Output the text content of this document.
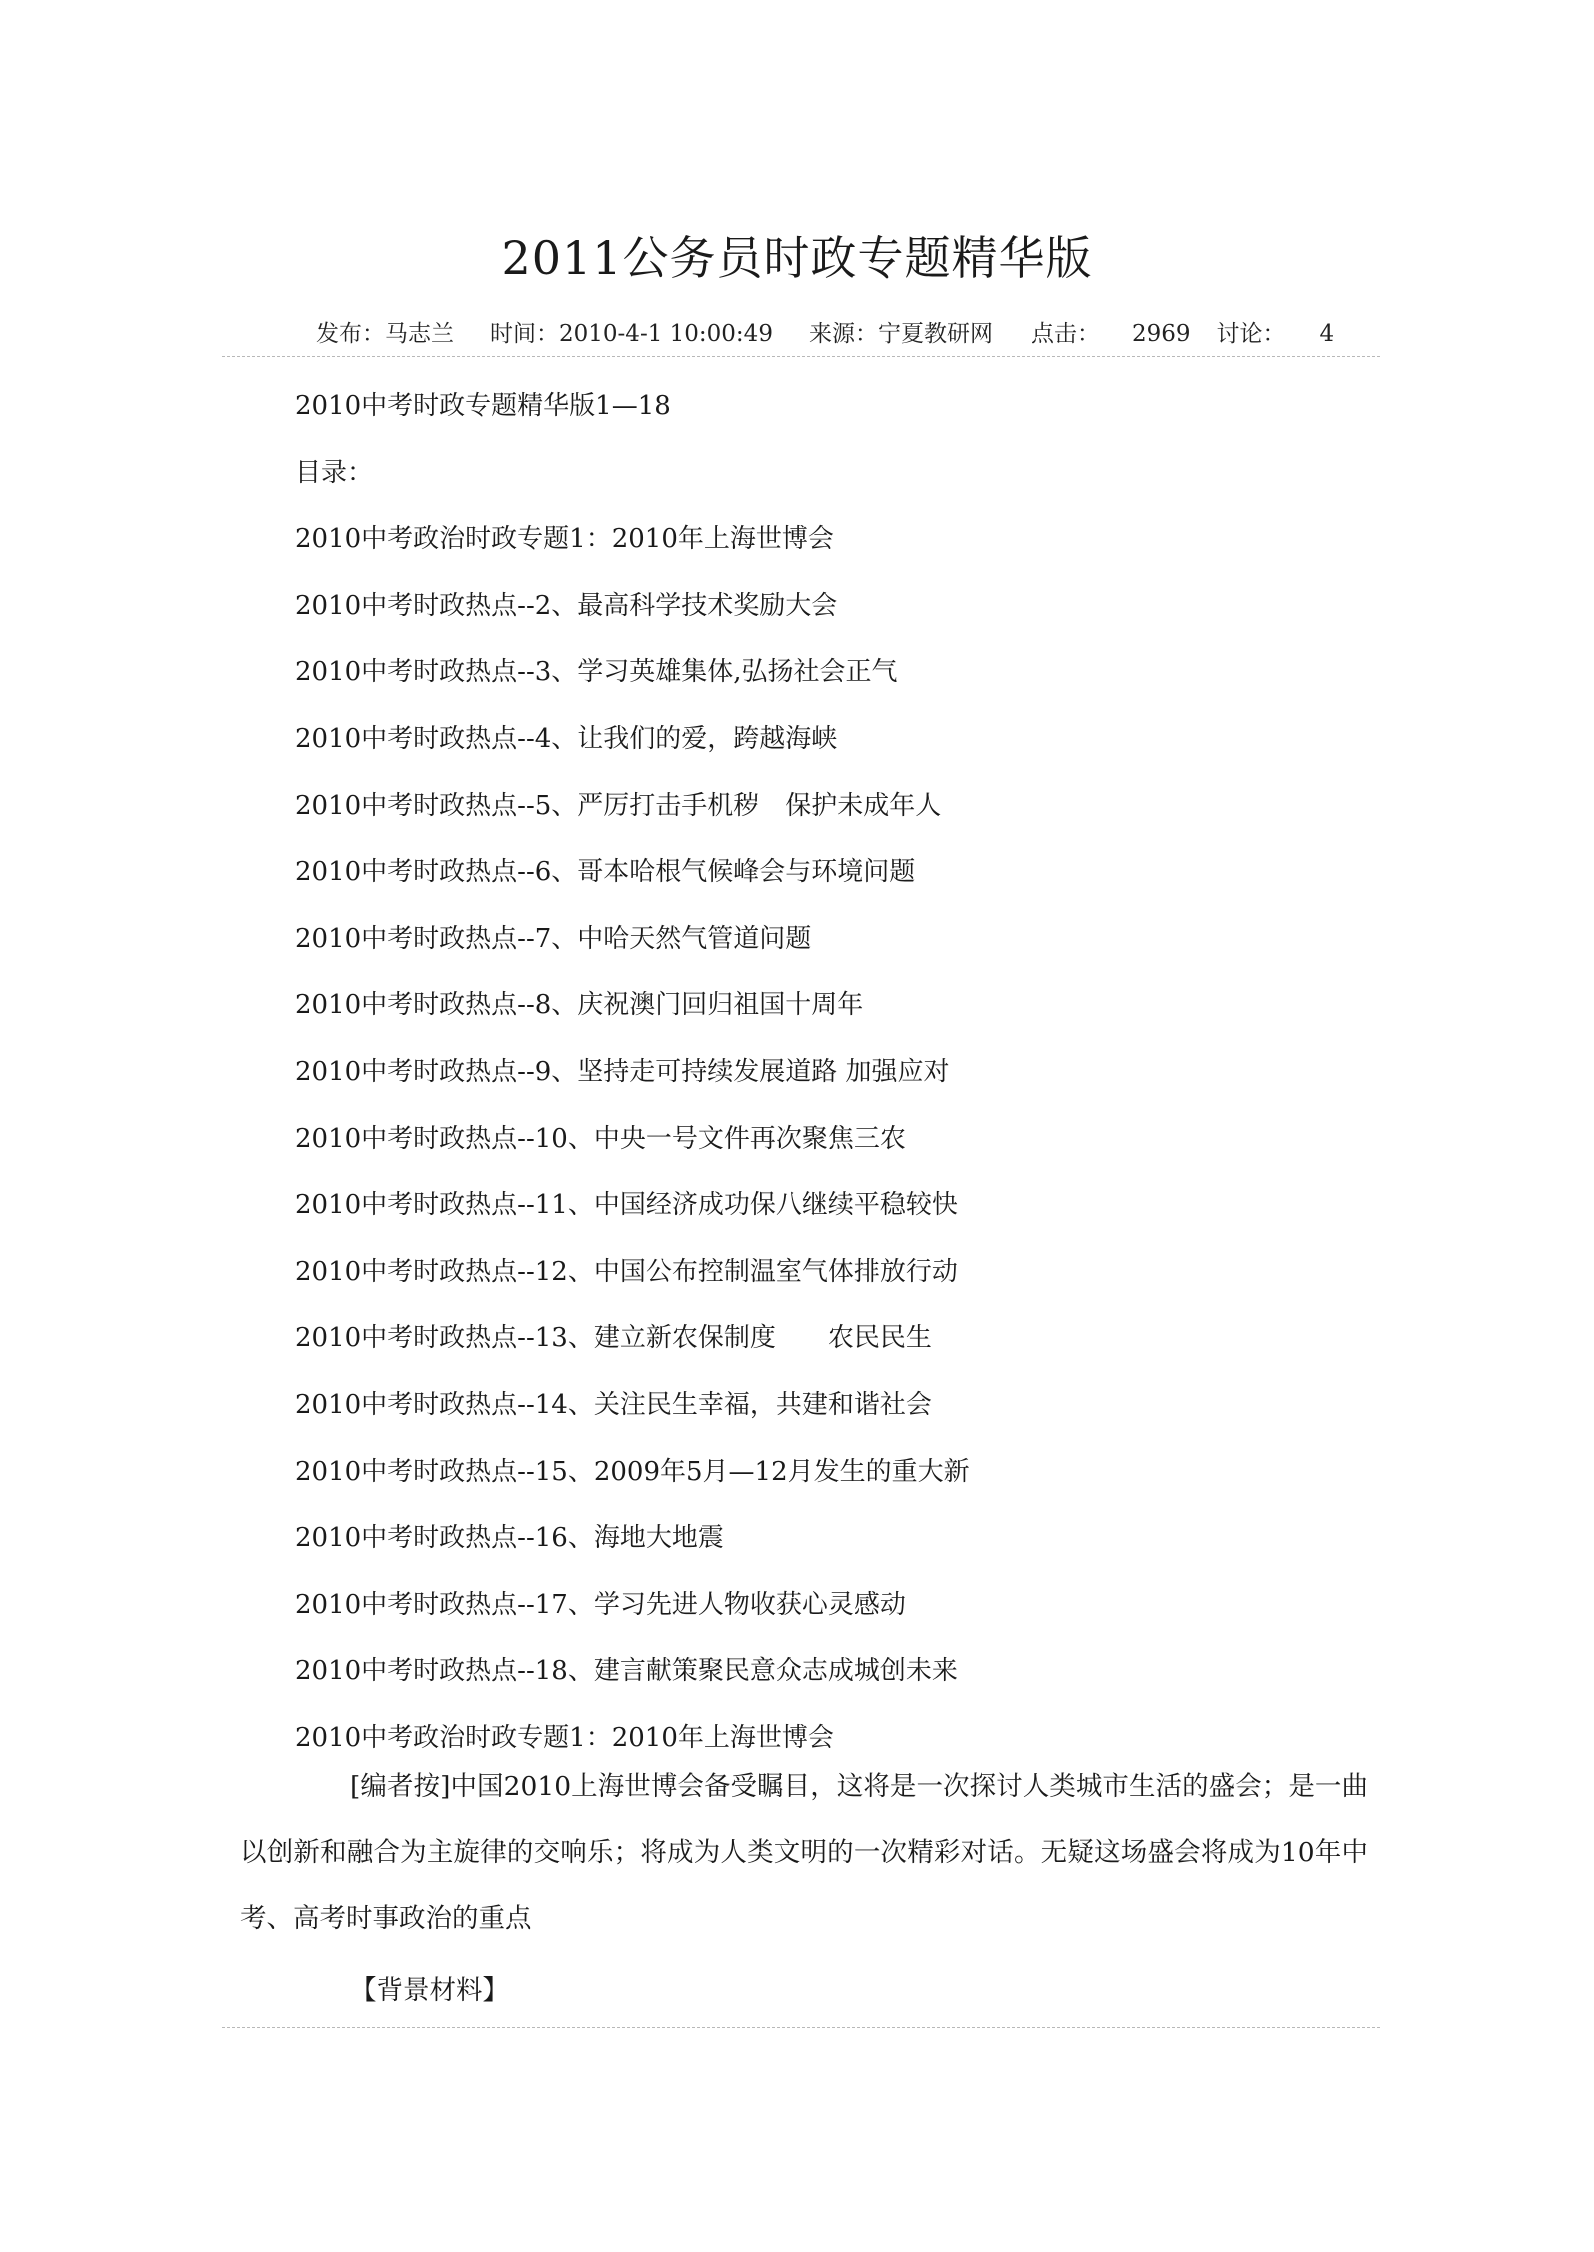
2011公务员时政专题精华版
发布：马志兰 时间：2010-4-1 10:00:49 来源：宁夏教研网 点击： 2969 讨论： 4
2010中考时政专题精华版1—18
目录：
2010中考政治时政专题1：2010年上海世博会
2010中考时政热点--2、最高科学技术奖励大会
2010中考时政热点--3、学习英雄集体,弘扬社会正气
2010中考时政热点--4、让我们的爱，跨越海峡
2010中考时政热点--5、严厉打击手机秽　保护未成年人
2010中考时政热点--6、哥本哈根气候峰会与环境问题
2010中考时政热点--7、中哈天然气管道问题
2010中考时政热点--8、庆祝澳门回归祖国十周年
2010中考时政热点--9、坚持走可持续发展道路 加强应对
2010中考时政热点--10、中央一号文件再次聚焦三农
2010中考时政热点--11、中国经济成功保八继续平稳较快
2010中考时政热点--12、中国公布控制温室气体排放行动
2010中考时政热点--13、建立新农保制度　　农民民生
2010中考时政热点--14、关注民生幸福，共建和谐社会
2010中考时政热点--15、2009年5月—12月发生的重大新
2010中考时政热点--16、海地大地震
2010中考时政热点--17、学习先进人物收获心灵感动
2010中考时政热点--18、建言献策聚民意众志成城创未来
2010中考政治时政专题1：2010年上海世博会
[编者按]中国2010上海世博会备受瞩目，这将是一次探讨人类城市生活的盛会；是一曲以创新和融合为主旋律的交响乐；将成为人类文明的一次精彩对话。无疑这场盛会将成为10年中考、高考时事政治的重点
【背景材料】
